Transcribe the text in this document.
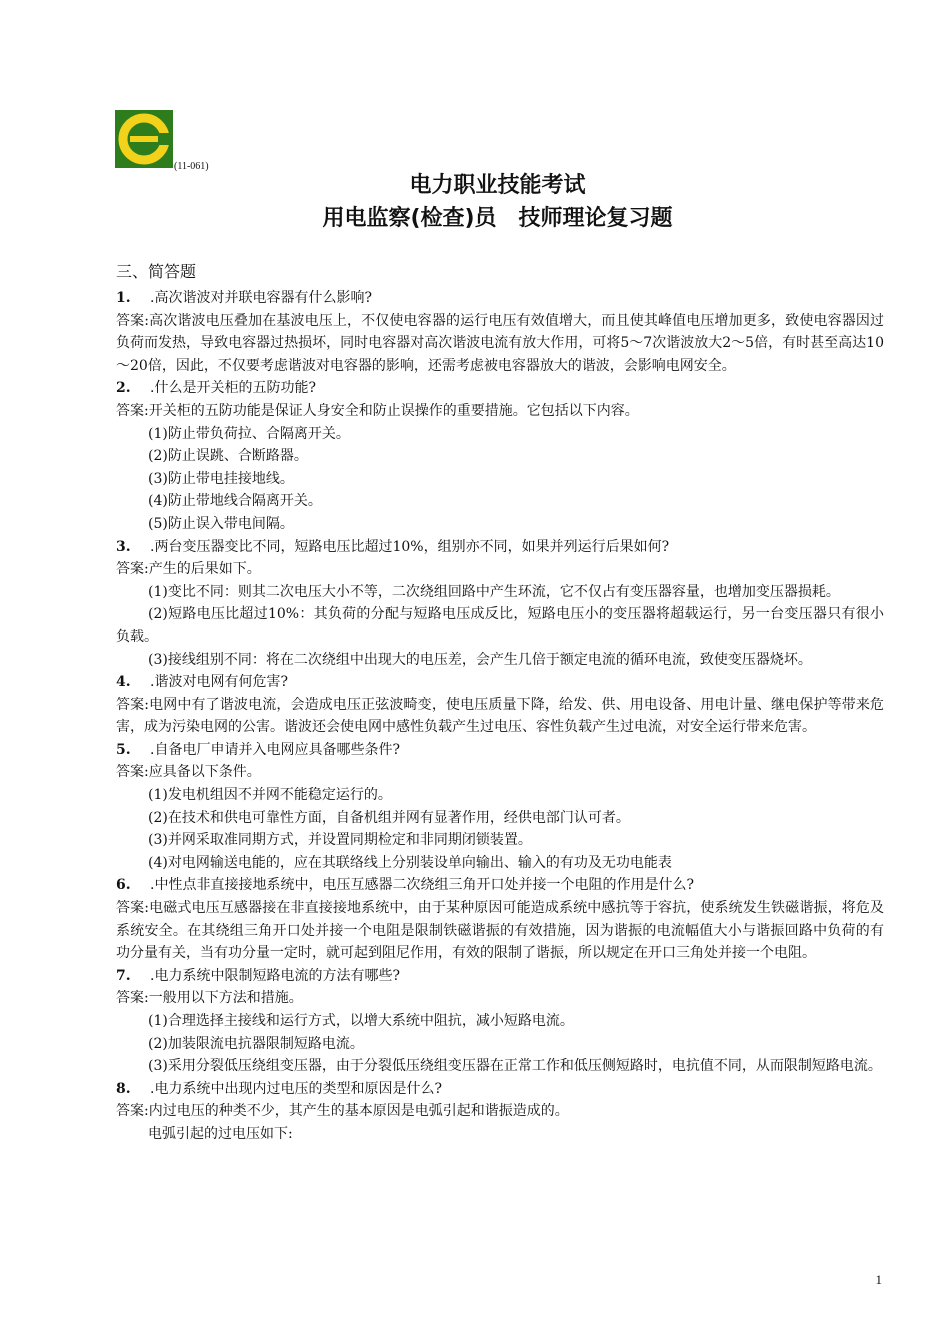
(11-061)
电力职业技能考试
用电监察(检查)员　技师理论复习题
三、简答题

1. .高次谐波对并联电容器有什么影响?

答案:高次谐波电压叠加在基波电压上，不仅使电容器的运行电压有效值增大，而且使其峰值电压增加更多，致使电容器因过负荷而发热，导致电容器过热损坏，同时电容器对高次谐波电流有放大作用，可将5～7次谐波放大2～5倍，有时甚至高达10～20倍，因此，不仅要考虑谐波对电容器的影响，还需考虑被电容器放大的谐波，会影响电网安全。

2. .什么是开关柜的五防功能?

答案:开关柜的五防功能是保证人身安全和防止误操作的重要措施。它包括以下内容。

(1)防止带负荷拉、合隔离开关。

(2)防止误跳、合断路器。

(3)防止带电挂接地线。

(4)防止带地线合隔离开关。

(5)防止误入带电间隔。

3. .两台变压器变比不同，短路电压比超过10%，组别亦不同，如果并列运行后果如何?

答案:产生的后果如下。

(1)变比不同：则其二次电压大小不等，二次绕组回路中产生环流，它不仅占有变压器容量，也增加变压器损耗。

(2)短路电压比超过10%：其负荷的分配与短路电压成反比，短路电压小的变压器将超载运行，另一台变压器只有很小负载。

(3)接线组别不同：将在二次绕组中出现大的电压差，会产生几倍于额定电流的循环电流，致使变压器烧坏。

4. .谐波对电网有何危害?

答案:电网中有了谐波电流，会造成电压正弦波畸变，使电压质量下降，给发、供、用电设备、用电计量、继电保护等带来危害，成为污染电网的公害。谐波还会使电网中感性负载产生过电压、容性负载产生过电流，对安全运行带来危害。

5. .自备电厂申请并入电网应具备哪些条件?

答案:应具备以下条件。

(1)发电机组因不并网不能稳定运行的。

(2)在技术和供电可靠性方面，自备机组并网有显著作用，经供电部门认可者。

(3)并网采取准同期方式，并设置同期检定和非同期闭锁装置。

(4)对电网输送电能的，应在其联络线上分别装设单向输出、输入的有功及无功电能表

6. .中性点非直接接地系统中，电压互感器二次绕组三角开口处并接一个电阻的作用是什么?

答案:电磁式电压互感器接在非直接接地系统中，由于某种原因可能造成系统中感抗等于容抗，使系统发生铁磁谐振，将危及系统安全。在其绕组三角开口处并接一个电阻是限制铁磁谐振的有效措施，因为谐振的电流幅值大小与谐振回路中负荷的有功分量有关，当有功分量一定时，就可起到阻尼作用，有效的限制了谐振，所以规定在开口三角处并接一个电阻。

7. .电力系统中限制短路电流的方法有哪些?

答案:一般用以下方法和措施。

(1)合理选择主接线和运行方式，以增大系统中阻抗，减小短路电流。

(2)加装限流电抗器限制短路电流。

(3)采用分裂低压绕组变压器，由于分裂低压绕组变压器在正常工作和低压侧短路时，电抗值不同，从而限制短路电流。

8. .电力系统中出现内过电压的类型和原因是什么?

答案:内过电压的种类不少，其产生的基本原因是电弧引起和谐振造成的。

电弧引起的过电压如下:

1
